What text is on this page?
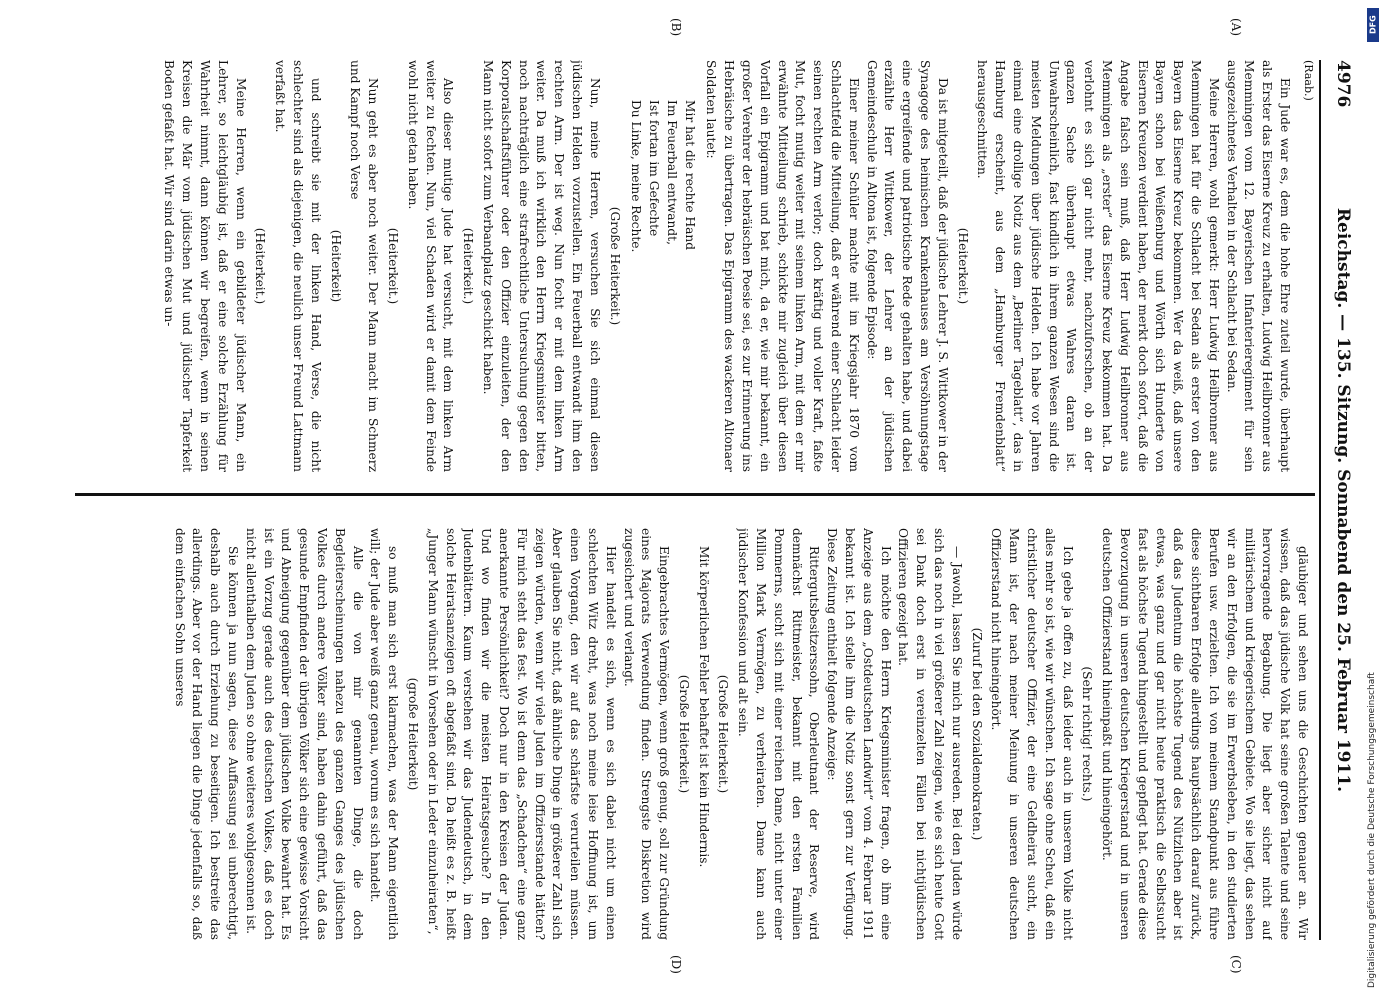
4976
Reichstag. — 135. Sitzung. Sonnabend den 25. Februar 1911.
(Raab.)
(A)
(B)
(C)
(D)

Ein Jude war es, dem die hohe Ehre zuteil wurde, überhaupt als Erster das Eiserne Kreuz zu erhalten, Ludwig Heilbronner aus Memmingen vom 12. Bayerischen Infanterieregiment für sein ausgezeichnetes Verhalten in der Schlacht bei Sedan.

Meine Herren, wohl gemerkt: Herr Ludwig Heilbronner aus Memmingen hat für die Schlacht bei Sedan als erster von den Bayern das Eiserne Kreuz bekommen. Wer da weiß, daß unsere Bayern schon bei Weißenburg und Wörth sich Hunderte von Eisernen Kreuzen verdient haben, der merkt doch sofort, daß die Angabe falsch sein muß, daß Herr Ludwig Heilbronner aus Memmingen als „erster“ das Eiserne Kreuz bekommen hat. Da verlohnt es sich gar nicht mehr, nachzuforschen, ob an der ganzen Sache überhaupt etwas Wahres daran ist. Unwahrscheinlich, fast kindlich in ihrem ganzen Wesen sind die meisten Meldungen über jüdische Helden. Ich habe vor Jahren einmal eine drollige Notiz aus dem „Berliner Tageblatt“, das in Hamburg erscheint, aus dem „Hamburger Fremdenblatt“ herausgeschnitten.

(Heiterkeit.)

Da ist mitgeteilt, daß der jüdische Lehrer J. S. Wittkower in der Synagoge des heimischen Krankenhauses am Versöhnungstage eine ergreifende und patriotische Rede gehalten habe, und dabei erzählte Herr Wittkower, der Lehrer an der jüdischen Gemeindeschule in Altona ist, folgende Episode:

Einer meiner Schüler machte mit im Kriegsjahr 1870 vom Schlachtfeld die Mitteilung, daß er während einer Schlacht leider seinen rechten Arm verlor; doch kräftig und voller Kraft, faßte Mut, focht mutig weiter mit seinem linken Arm, mit dem er mir erwähnte Mitteilung schrieb, schickte mir zugleich über diesen Vorfall ein Epigramm und bat mich, da er, wie mir bekannt, ein großer Verehrer der hebräischen Poesie sei, es zur Erinnerung ins Hebräische zu übertragen. Das Epigramm des wackeren Altonaer Soldaten lautet:

Mir hat die rechte Hand
Im Feuerball entwandt,
Ist fortan im Gefechte
Du Linke, meine Rechte.
(Große Heiterkeit.)

Nun, meine Herren, versuchen Sie sich einmal diesen jüdischen Helden vorzustellen. Ein Feuerball entwandt ihm den rechten Arm. Der ist weg. Nun focht er mit dem linken Arm weiter. Da muß ich wirklich den Herrn Kriegsminister bitten, noch nachträglich eine strafrechtliche Untersuchung gegen den Korporalschaftsführer oder den Offizier einzuleiten, der den Mann nicht sofort zum Verbandplatz geschickt haben.

(Heiterkeit.)

Also dieser mutige Jude hat versucht, mit dem linken Arm weiter zu fechten. Nun, viel Schaden wird er damit dem Feinde wohl nicht getan haben.

(Heiterkeit.)

Nun geht es aber noch weiter. Der Mann macht im Schmerz und Kampf noch Verse

(Heiterkeit)

und schreibt sie mit der linken Hand, Verse, die nicht schlechter sind als diejenigen, die neulich unser Freund Lattmann verfaßt hat.

(Heiterkeit.)

Meine Herren, wenn ein gebildeter jüdischer Mann, ein Lehrer, so leichtgläubig ist, daß er eine solche Erzählung für Wahrheit nimmt, dann können wir begreifen, wenn in seinen Kreisen die Mär vom jüdischen Mut und jüdischer Tapferkeit Boden gefaßt hat. Wir sind darin etwas un-

gläubiger und sehen uns die Geschichten genauer an. Wir wissen, daß das jüdische Volk hat seine großen Talente und seine hervorragende Begabung. Die liegt aber sicher nicht auf militärischem und kriegerischem Gebiete. Wo sie liegt, das sehen wir an den Erfolgen, die sie im Erwerbsleben, in den studierten Berufen usw. erzielten. Ich von meinem Standpunkt aus führe diese sichtbaren Erfolge allerdings hauptsächlich darauf zurück, daß das Judentum die höchste Tugend des Nützlichen aber ist etwas, was ganz und gar nicht heute praktisch die Selbstsucht fast als höchste Tugend hingestellt und gepflegt hat. Gerade diese Bevorzugung in unseren deutschen Kriegerstand und in unseren deutschen Offizierstand hineinpaßt und hineingehört.

(Sehr richtig! rechts.)

Ich gebe ja offen zu, daß leider auch in unserem Volke nicht alles mehr so ist, wie wir wünschen. Ich sage ohne Scheu, daß ein christlicher deutscher Offizier, der eine Geldheirat sucht, ein Mann ist, der nach meiner Meinung in unseren deutschen Offizierstand nicht hineingehört.

(Zuruf bei den Sozialdemokraten.)

— Jawohl, lassen Sie mich nur ausreden. Bei den Juden würde sich das noch in viel größerer Zahl zeigen, wie es sich heute Gott sei Dank doch erst in vereinzelten Fällen bei nichtjüdischen Offizieren gezeigt hat.

Ich möchte den Herrn Kriegsminister fragen, ob ihm eine Anzeige aus dem „Ostdeutschen Landwirt“ vom 4. Februar 1911 bekannt ist. Ich stelle ihm die Notiz sonst gern zur Verfügung. Diese Zeitung enthielt folgende Anzeige:

Rittergutsbesitzerssohn, Oberleutnant der Reserve, wird demnächst Rittmeister, bekannt mit den ersten Familien Pommerns, sucht sich mit einer reichen Dame, nicht unter einer Million Mark Vermögen, zu verheiraten. Dame kann auch jüdischer Konfession und alt sein.

(Große Heiterkeit.)

Mit körperlichen Fehler behaftet ist kein Hindernis.

(Große Heiterkeit.)

Eingebrachtes Vermögen, wenn groß genug, soll zur Gründung eines Majorats Verwendung finden. Strengste Diskretion wird zugesichert und verlangt.

Hier handelt es sich, wenn es sich dabei nicht um einen schlechten Witz dreht, was noch meine leise Hoffnung ist, um einen Vorgang, den wir auf das schärfste verurteilen müssen. Aber glauben Sie nicht, daß ähnliche Dinge in größerer Zahl sich zeigen würden, wenn wir viele Juden im Offiziersstande hätten? Für mich steht das fest. Wo ist denn das „Schadchen“ eine ganz anerkannte Persönlichkeit? Doch nur in den Kreisen der Juden. Und wo finden wir die meisten Heiratsgesuche? In den Judenblättern. Kaum verstehen wir das Judendeutsch, in dem solche Heiratsanzeigen oft abgefaßt sind. Da heißt es z. B. heißt „Junger Mann wünscht in Vorsehen oder in Leder einzuheiraten“,

(große Heiterkeit)

so muß man sich erst klarmachen, was der Mann eigentlich will; der Jude aber weiß ganz genau, worum es sich handelt.

Alle die von mir genannten Dinge, die doch Begleiterscheinungen nahezu des ganzen Ganges des jüdischen Volkes durch andere Völker sind, haben dahin geführt, daß das gesunde Empfinden der übrigen Völker sich eine gewisse Vorsicht und Abneigung gegenüber dem jüdischen Volke bewahrt hat. Es ist ein Vorzug gerade auch des deutschen Volkes, daß es doch nicht allenthalben dem Juden so ohne weiteres wohlgesonnen ist.

Sie können ja nun sagen, diese Auffassung sei unberechtigt, deshalb auch durch Erziehung zu beseitigen. Ich bestreite das allerdings. Aber vor der Hand liegen die Dinge jedenfalls so, daß dem einfachen Sohn unseres

DFG
Digitalisierung gefördert durch die Deutsche Forschungsgemeinschaft
